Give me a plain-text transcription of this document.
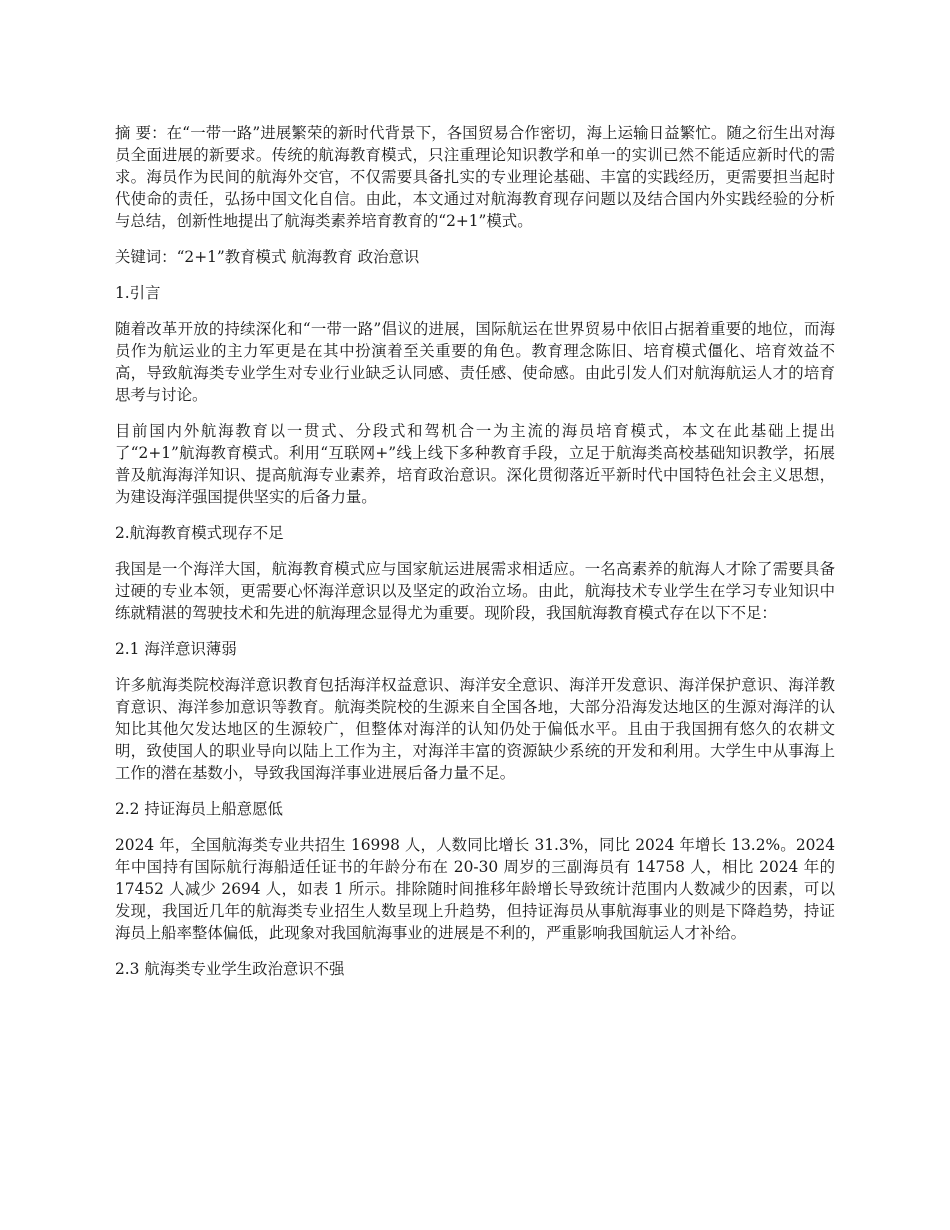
摘 要：在“一带一路”进展繁荣的新时代背景下，各国贸易合作密切，海上运输日益繁忙。随之衍生出对海员全面进展的新要求。传统的航海教育模式，只注重理论知识教学和单一的实训已然不能适应新时代的需求。海员作为民间的航海外交官，不仅需要具备扎实的专业理论基础、丰富的实践经历，更需要担当起时代使命的责任，弘扬中国文化自信。由此，本文通过对航海教育现存问题以及结合国内外实践经验的分析与总结，创新性地提出了航海类素养培育教育的“2+1”模式。

关键词：“2+1”教育模式 航海教育 政治意识

1.引言

随着改革开放的持续深化和“一带一路”倡议的进展，国际航运在世界贸易中依旧占据着重要的地位，而海员作为航运业的主力军更是在其中扮演着至关重要的角色。教育理念陈旧、培育模式僵化、培育效益不高，导致航海类专业学生对专业行业缺乏认同感、责任感、使命感。由此引发人们对航海航运人才的培育思考与讨论。

目前国内外航海教育以一贯式、分段式和驾机合一为主流的海员培育模式，本文在此基础上提出了“2+1”航海教育模式。利用“互联网+”线上线下多种教育手段，立足于航海类高校基础知识教学，拓展普及航海海洋知识、提高航海专业素养，培育政治意识。深化贯彻落近平新时代中国特色社会主义思想，为建设海洋强国提供坚实的后备力量。

2.航海教育模式现存不足

我国是一个海洋大国，航海教育模式应与国家航运进展需求相适应。一名高素养的航海人才除了需要具备过硬的专业本领，更需要心怀海洋意识以及坚定的政治立场。由此，航海技术专业学生在学习专业知识中练就精湛的驾驶技术和先进的航海理念显得尤为重要。现阶段，我国航海教育模式存在以下不足：

2.1 海洋意识薄弱

许多航海类院校海洋意识教育包括海洋权益意识、海洋安全意识、海洋开发意识、海洋保护意识、海洋教育意识、海洋参加意识等教育。航海类院校的生源来自全国各地，大部分沿海发达地区的生源对海洋的认知比其他欠发达地区的生源较广，但整体对海洋的认知仍处于偏低水平。且由于我国拥有悠久的农耕文明，致使国人的职业导向以陆上工作为主，对海洋丰富的资源缺少系统的开发和利用。大学生中从事海上工作的潜在基数小，导致我国海洋事业进展后备力量不足。

2.2 持证海员上船意愿低

2024 年，全国航海类专业共招生 16998 人，人数同比增长 31.3%，同比 2024 年增长 13.2%。2024 年中国持有国际航行海船适任证书的年龄分布在 20-30 周岁的三副海员有 14758 人，相比 2024 年的 17452 人减少 2694 人，如表 1 所示。排除随时间推移年龄增长导致统计范围内人数减少的因素，可以发现，我国近几年的航海类专业招生人数呈现上升趋势，但持证海员从事航海事业的则是下降趋势，持证海员上船率整体偏低，此现象对我国航海事业的进展是不利的，严重影响我国航运人才补给。

2.3 航海类专业学生政治意识不强
